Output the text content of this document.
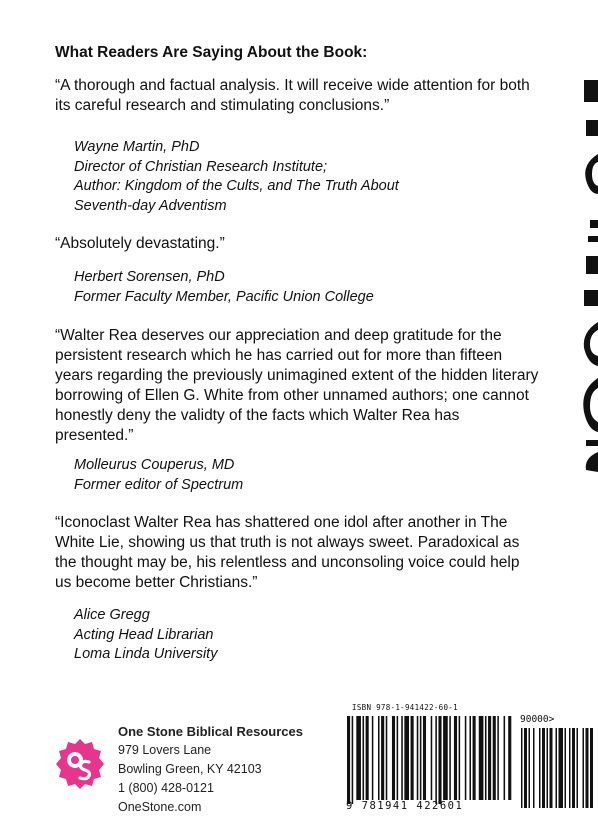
What Readers Are Saying About the Book:

“A thorough and factual analysis. It will receive wide attention for both its careful research and stimulating conclusions.”

Wayne Martin, PhD
Director of Christian Research Institute;
Author: Kingdom of the Cults, and The Truth About
Seventh-day Adventism

“Absolutely devastating.”

Herbert Sorensen, PhD
Former Faculty Member, Pacific Union College

“Walter Rea deserves our appreciation and deep gratitude for the persistent research which he has carried out for more than fifteen years regarding the previously unimagined extent of the hidden literary borrowing of Ellen G. White from other unnamed authors; one cannot honestly deny the validty of the facts which Walter Rea has presented.”

Molleurus Couperus, MD
Former editor of Spectrum

“Iconoclast Walter Rea has shattered one idol after another in The White Lie, showing us that truth is not always sweet. Paradoxical as the thought may be, his relentless and unconsoling voice could help us become better Christians.”

Alice Gregg
Acting Head Librarian
Loma Linda University
One Stone Biblical Resources
979 Lovers Lane
Bowling Green, KY 42103
1 (800) 428-0121
OneStone.com
ISBN 978-1-941422-60-1
90000>
9 781941 422601
